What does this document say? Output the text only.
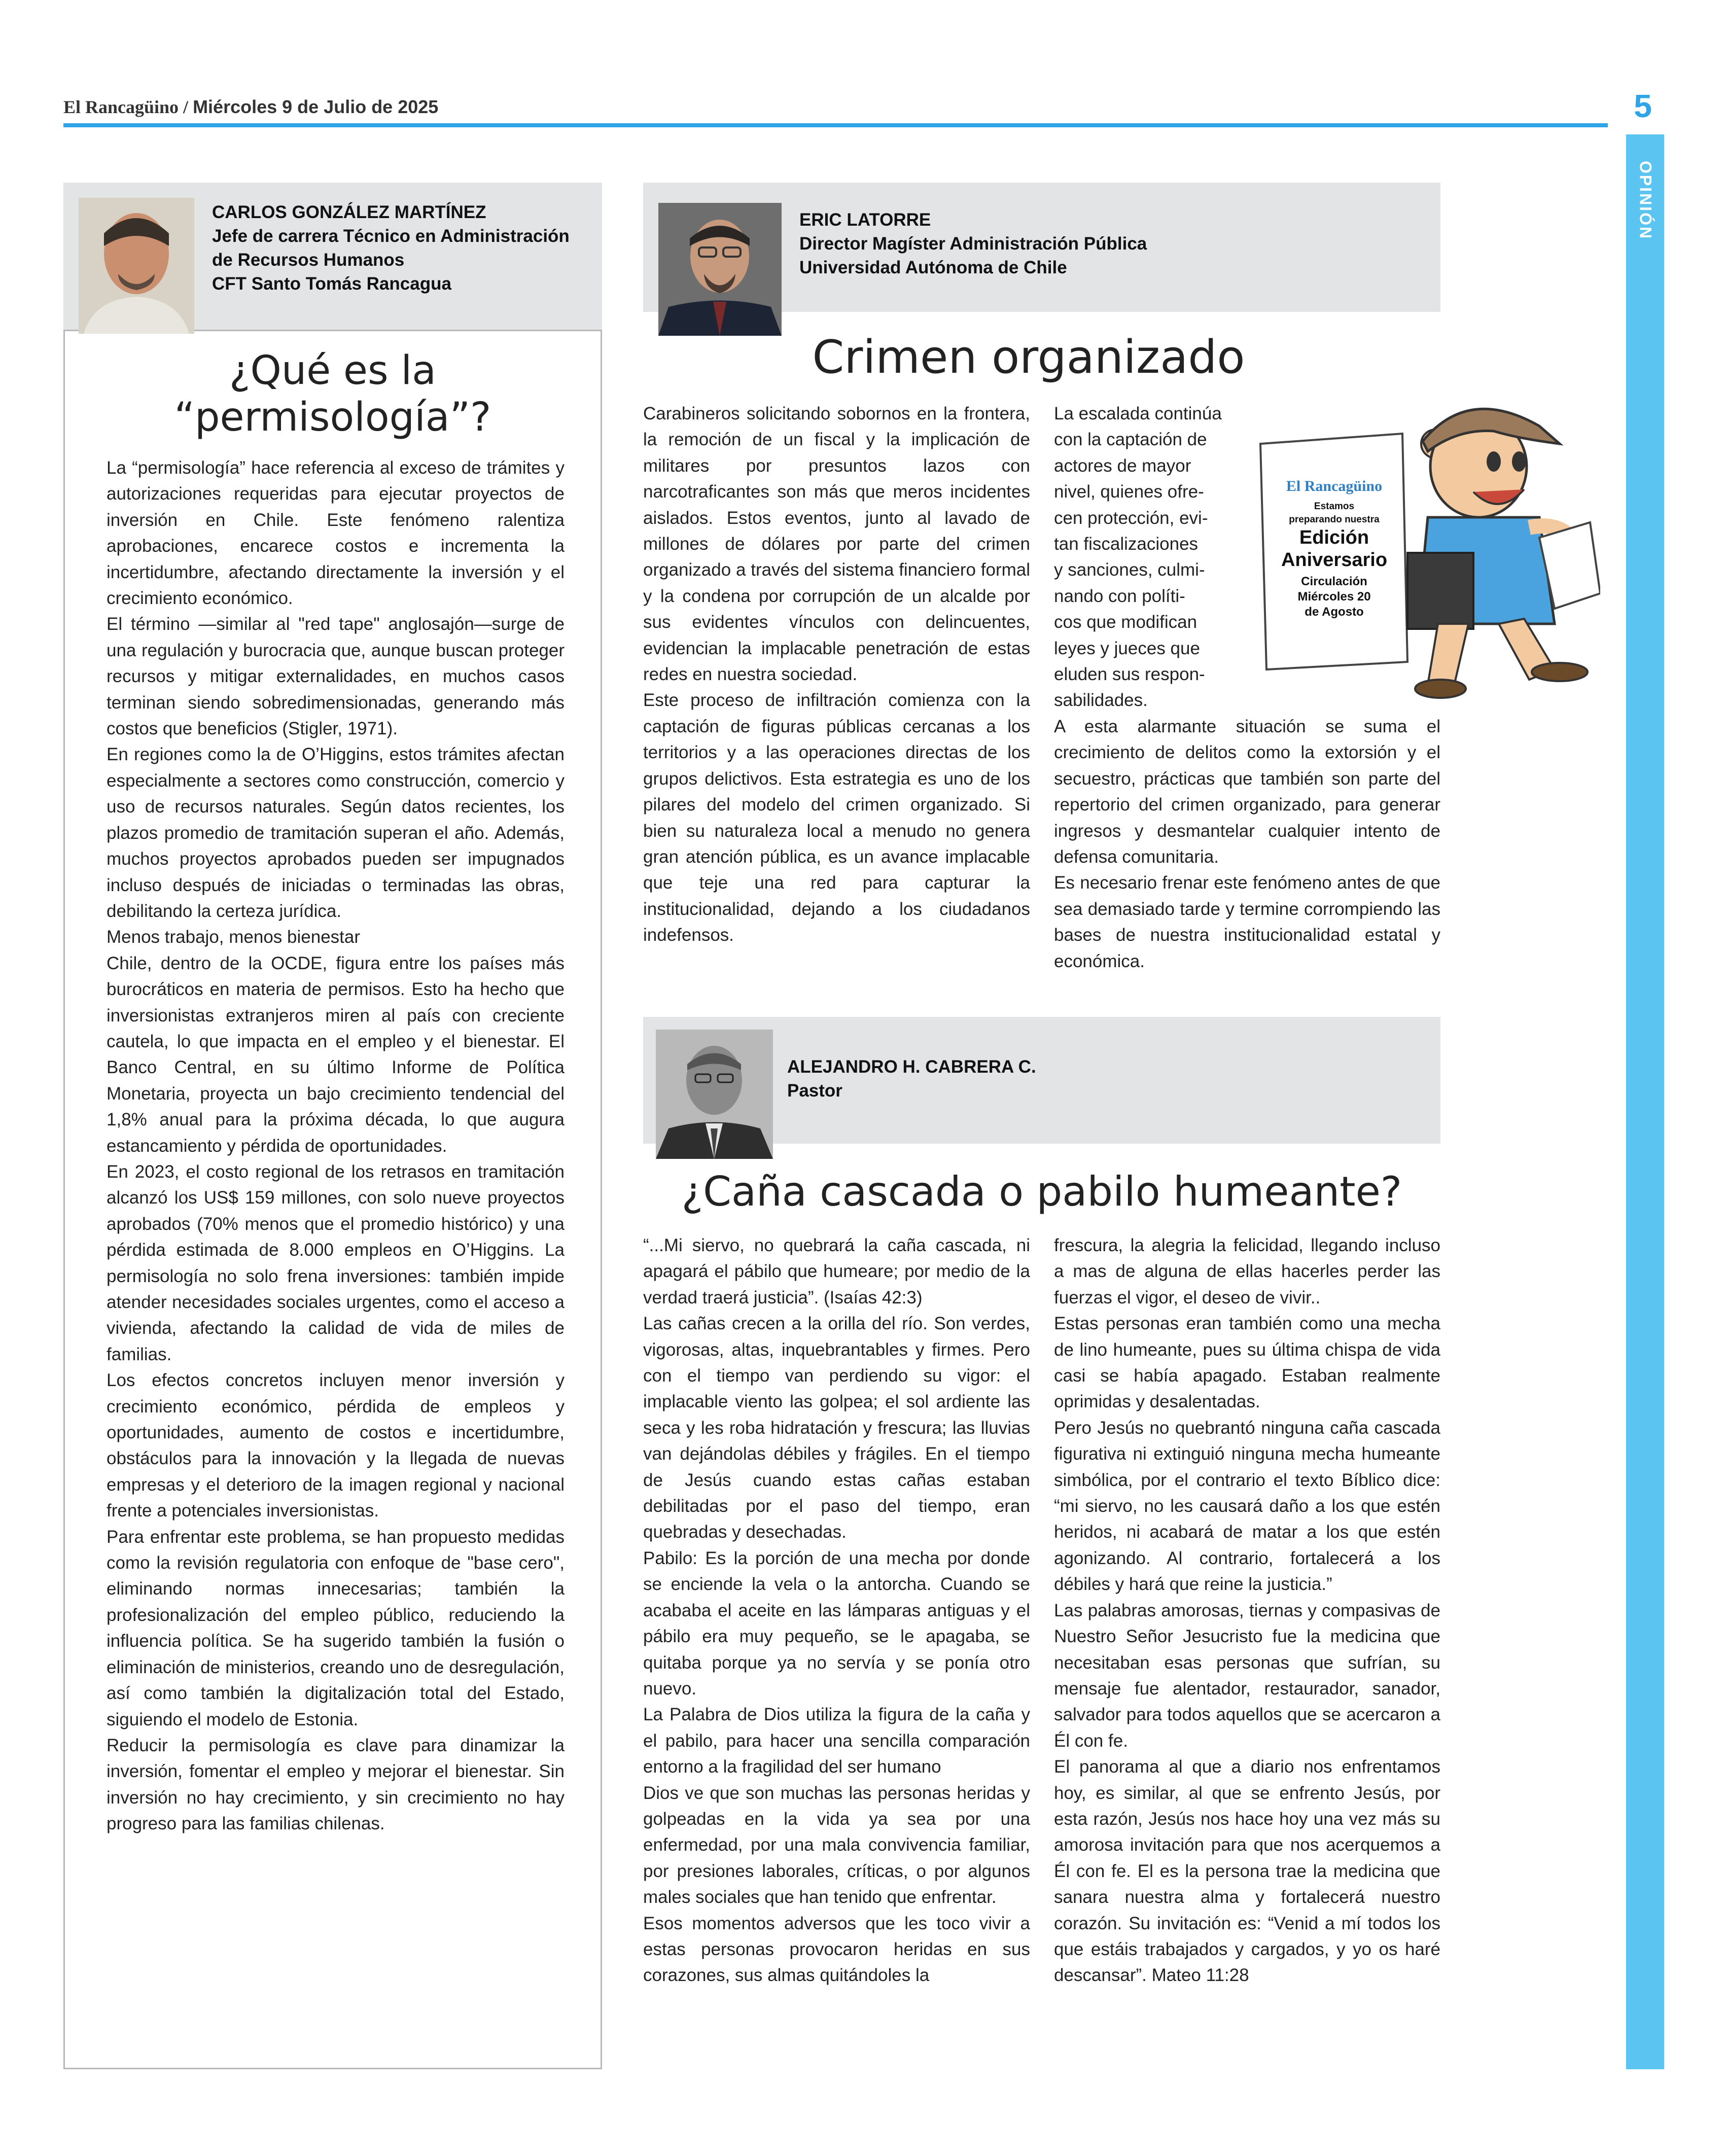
El Rancagüino / Miércoles 9 de Julio de 2025	5
OPINIÓN
CARLOS GONZÁLEZ MARTÍNEZ
Jefe de carrera Técnico en Administración
de Recursos Humanos
CFT Santo Tomás Rancagua
¿Qué es la
“permisología”?

La “permisología” hace referencia al exceso de trámites y autorizaciones requeridas para ejecutar proyectos de inversión en Chile. Este fenómeno ralentiza aprobaciones, encarece costos e incrementa la incertidumbre, afectando directamente la inversión y el crecimiento económico.

El término —similar al "red tape" anglosajón—surge de una regulación y burocracia que, aunque buscan proteger recursos y mitigar externalidades, en muchos casos terminan siendo sobredimensionadas, generando más costos que beneficios (Stigler, 1971).

En regiones como la de O’Higgins, estos trámites afectan especialmente a sectores como construcción, comercio y uso de recursos naturales. Según datos recientes, los plazos promedio de tramitación superan el año. Además, muchos proyectos aprobados pueden ser impugnados incluso después de iniciadas o terminadas las obras, debilitando la certeza jurídica.

Menos trabajo, menos bienestar

Chile, dentro de la OCDE, figura entre los países más burocráticos en materia de permisos. Esto ha hecho que inversionistas extranjeros miren al país con creciente cautela, lo que impacta en el empleo y el bienestar. El Banco Central, en su último Informe de Política Monetaria, proyecta un bajo crecimiento tendencial del 1,8% anual para la próxima década, lo que augura estancamiento y pérdida de oportunidades.

En 2023, el costo regional de los retrasos en tramitación alcanzó los US$ 159 millones, con solo nueve proyectos aprobados (70% menos que el promedio histórico) y una pérdida estimada de 8.000 empleos en O’Higgins. La permisología no solo frena inversiones: también impide atender necesidades sociales urgentes, como el acceso a vivienda, afectando la calidad de vida de miles de familias.

Los efectos concretos incluyen menor inversión y crecimiento económico, pérdida de empleos y oportunidades, aumento de costos e incertidumbre, obstáculos para la innovación y la llegada de nuevas empresas y el deterioro de la imagen regional y nacional frente a potenciales inversionistas.

Para enfrentar este problema, se han propuesto medidas como la revisión regulatoria con enfoque de "base cero", eliminando normas innecesarias; también la profesionalización del empleo público, reduciendo la influencia política. Se ha sugerido también la fusión o eliminación de ministerios, creando uno de desregulación, así como también la digitalización total del Estado, siguiendo el modelo de Estonia.

Reducir la permisología es clave para dinamizar la inversión, fomentar el empleo y mejorar el bienestar. Sin inversión no hay crecimiento, y sin crecimiento no hay progreso para las familias chilenas.

ERIC LATORRE
Director Magíster Administración Pública
Universidad Autónoma de Chile
Crimen organizado

Carabineros solicitando sobornos en la frontera, la remoción de un fiscal y la implicación de militares por presuntos lazos con narcotraficantes son más que meros incidentes aislados. Estos eventos, junto al lavado de millones de dólares por parte del crimen organizado a través del sistema financiero formal y la condena por corrupción de un alcalde por sus evidentes vínculos con delincuentes, evidencian la implacable penetración de estas redes en nuestra sociedad.

Este proceso de infiltración comienza con la captación de figuras públicas cercanas a los territorios y a las operaciones directas de los grupos delictivos. Esta estrategia es uno de los pilares del modelo del crimen organizado. Si bien su naturaleza local a menudo no genera gran atención pública, es un avance implacable que teje una red para capturar la institucionalidad, dejando a los ciudadanos indefensos.

La escalada continúa
con la captación de
actores de mayor
nivel, quienes ofre-
cen protección, evi-
tan fiscalizaciones
y sanciones, culmi-
nando con políti-
cos que modifican
leyes y jueces que
eluden sus respon-
sabilidades.

A esta alarmante situación se suma el crecimiento de delitos como la extorsión y el secuestro, prácticas que también son parte del repertorio del crimen organizado, para generar ingresos y desmantelar cualquier intento de defensa comunitaria.

Es necesario frenar este fenómeno antes de que sea demasiado tarde y termine corrompiendo las bases de nuestra institucionalidad estatal y económica.

El Rancagüino
Estamos
preparando nuestra
Edición
Aniversario
Circulación
Miércoles 20
de Agosto
ALEJANDRO H. CABRERA C.
Pastor
¿Caña cascada o pabilo humeante?

“...Mi siervo, no quebrará la caña cascada, ni apagará el pábilo que humeare; por medio de la verdad traerá justicia”. (Isaías 42:3)

Las cañas crecen a la orilla del río. Son verdes, vigorosas, altas, inquebrantables y firmes. Pero con el tiempo van perdiendo su vigor: el implacable viento las golpea; el sol ardiente las seca y les roba hidratación y frescura; las lluvias van dejándolas débiles y frágiles. En el tiempo de Jesús cuando estas cañas estaban debilitadas por el paso del tiempo, eran quebradas y desechadas.

Pabilo: Es la porción de una mecha por donde se enciende la vela o la antorcha. Cuando se acababa el aceite en las lámparas antiguas y el pábilo era muy pequeño, se le apagaba, se quitaba porque ya no servía y se ponía otro nuevo.

La Palabra de Dios utiliza la figura de la caña y el pabilo, para hacer una sencilla comparación entorno a la fragilidad del ser humano

Dios ve que son muchas las personas heridas y golpeadas en la vida ya sea por una enfermedad, por una mala convivencia familiar, por presiones laborales, críticas, o por algunos males sociales que han tenido que enfrentar.

Esos momentos adversos que les toco vivir a estas personas provocaron heridas en sus corazones, sus almas quitándoles la

frescura, la alegria la felicidad, llegando incluso a mas de alguna de ellas hacerles perder las fuerzas el vigor, el deseo de vivir..

Estas personas eran también como una mecha de lino humeante, pues su última chispa de vida casi se había apagado. Estaban realmente oprimidas y desalentadas.

Pero Jesús no quebrantó ninguna caña cascada figurativa ni extinguió ninguna mecha humeante simbólica, por el contrario el texto Bíblico dice: “mi siervo, no les causará daño a los que estén heridos, ni acabará de matar a los que estén agonizando. Al contrario, fortalecerá a los débiles y hará que reine la justicia.”

Las palabras amorosas, tiernas y compasivas de Nuestro Señor Jesucristo fue la medicina que necesitaban esas personas que sufrían, su mensaje fue alentador, restaurador, sanador, salvador para todos aquellos que se acercaron a Él con fe.

El panorama al que a diario nos enfrentamos hoy, es similar, al que se enfrento Jesús, por esta razón, Jesús nos hace hoy una vez más su amorosa invitación para que nos acerquemos a Él con fe. El es la persona trae la medicina que sanara nuestra alma y fortalecerá nuestro corazón. Su invitación es: “Venid a mí todos los que estáis trabajados y cargados, y yo os haré descansar”. Mateo 11:28
